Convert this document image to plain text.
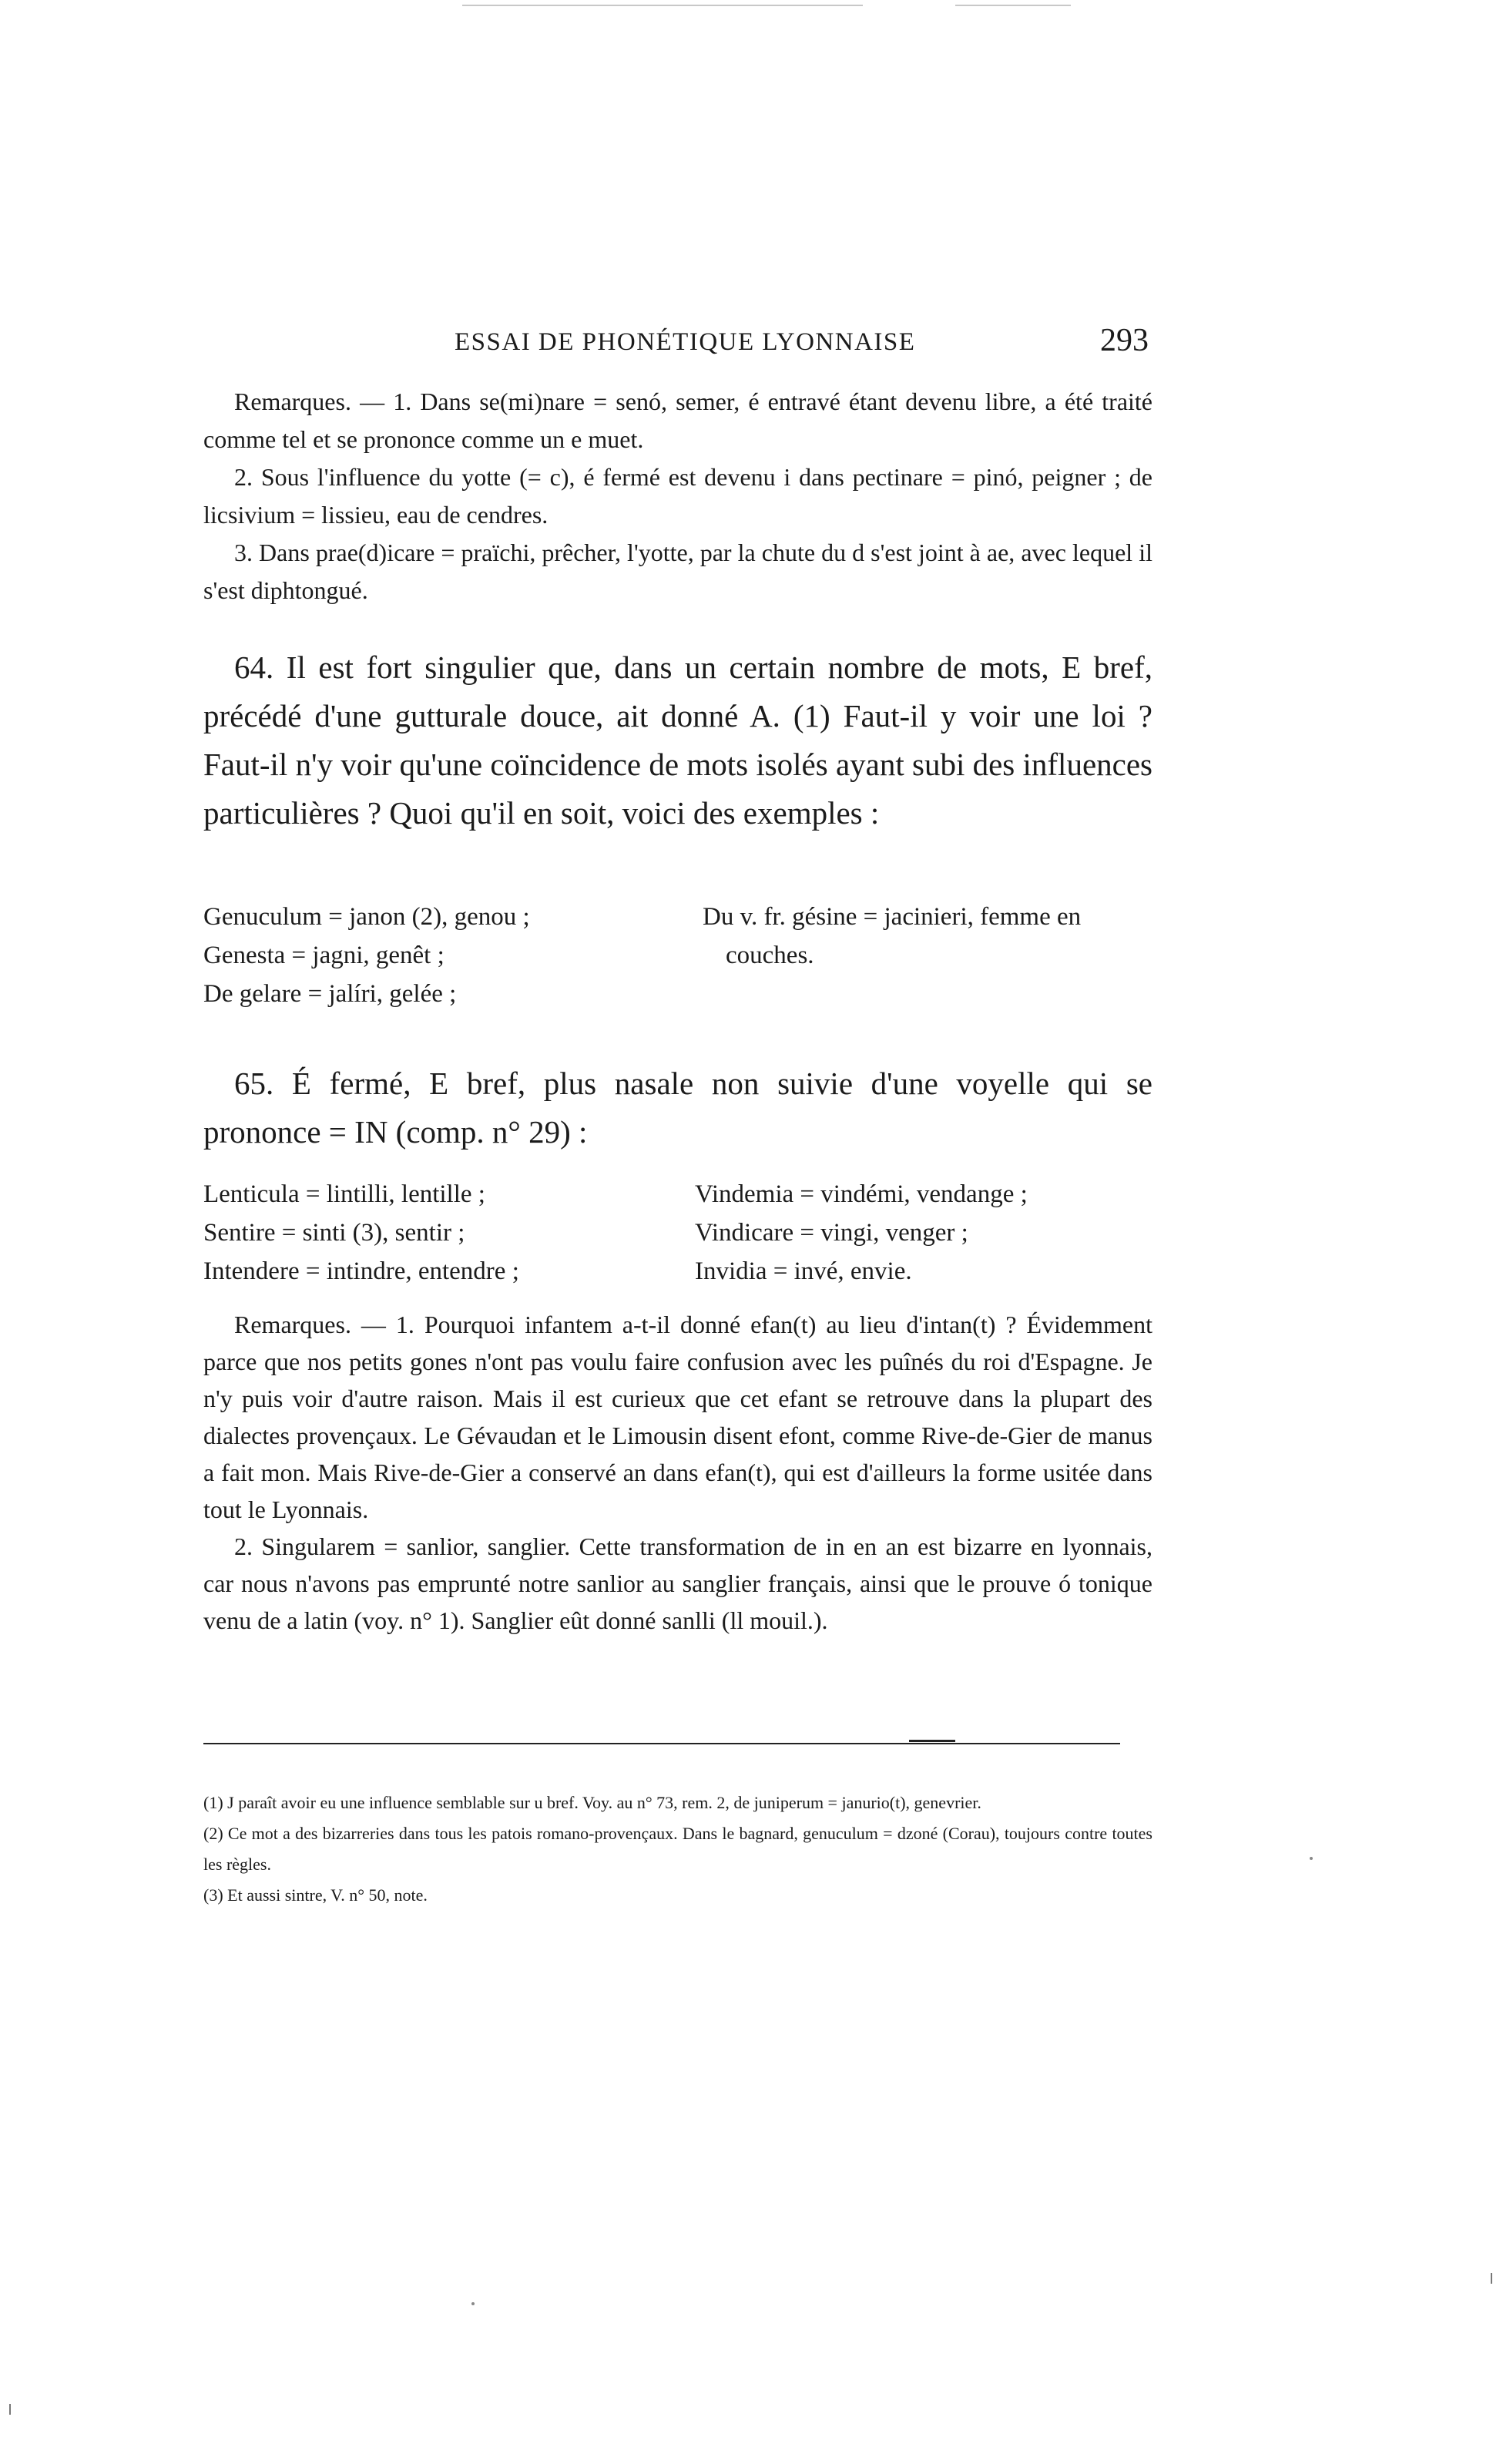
ESSAI DE PHONÉTIQUE LYONNAISE	293

Remarques. — 1. Dans se(mi)nare = senó, semer, é entravé étant devenu libre, a été traité comme tel et se prononce comme un e muet.

2. Sous l'influence du yotte (= c), é fermé est devenu i dans pectinare = pinó, peigner ; de licsivium = lissieu, eau de cendres.

3. Dans prae(d)icare = praïchi, prêcher, l'yotte, par la chute du d s'est joint à ae, avec lequel il s'est diphtongué.

64. Il est fort singulier que, dans un certain nombre de mots, E bref, précédé d'une gutturale douce, ait donné A. (1) Faut-il y voir une loi ? Faut-il n'y voir qu'une coïncidence de mots isolés ayant subi des influences particulières ? Quoi qu'il en soit, voici des exemples :

Genuculum = janon (2), genou ;

Genesta = jagni, genêt ;

De gelare = jalíri, gelée ;

Du v. fr. gésine = jacinieri, femme en

couches.

65. É fermé, E bref, plus nasale non suivie d'une voyelle qui se prononce = IN (comp. n° 29) :

Lenticula = lintilli, lentille ;

Sentire = sinti (3), sentir ;

Intendere = intindre, entendre ;

Vindemia = vindémi, vendange ;

Vindicare = vingi, venger ;

Invidia = invé, envie.

Remarques. — 1. Pourquoi infantem a-t-il donné efan(t) au lieu d'intan(t) ? Évidemment parce que nos petits gones n'ont pas voulu faire confusion avec les puînés du roi d'Espagne. Je n'y puis voir d'autre raison. Mais il est curieux que cet efant se retrouve dans la plupart des dialectes provençaux. Le Gévaudan et le Limousin disent efont, comme Rive-de-Gier de manus a fait mon. Mais Rive-de-Gier a conservé an dans efan(t), qui est d'ailleurs la forme usitée dans tout le Lyonnais.

2. Singularem = sanlior, sanglier. Cette transformation de in en an est bizarre en lyonnais, car nous n'avons pas emprunté notre sanlior au sanglier français, ainsi que le prouve ó tonique venu de a latin (voy. n° 1). Sanglier eût donné sanlli (ll mouil.).

(1) J paraît avoir eu une influence semblable sur u bref. Voy. au n° 73, rem. 2, de juniperum = janurio(t), genevrier.

(2) Ce mot a des bizarreries dans tous les patois romano-provençaux. Dans le bagnard, genuculum = dzoné (Corau), toujours contre toutes les règles.

(3) Et aussi sintre, V. n° 50, note.
